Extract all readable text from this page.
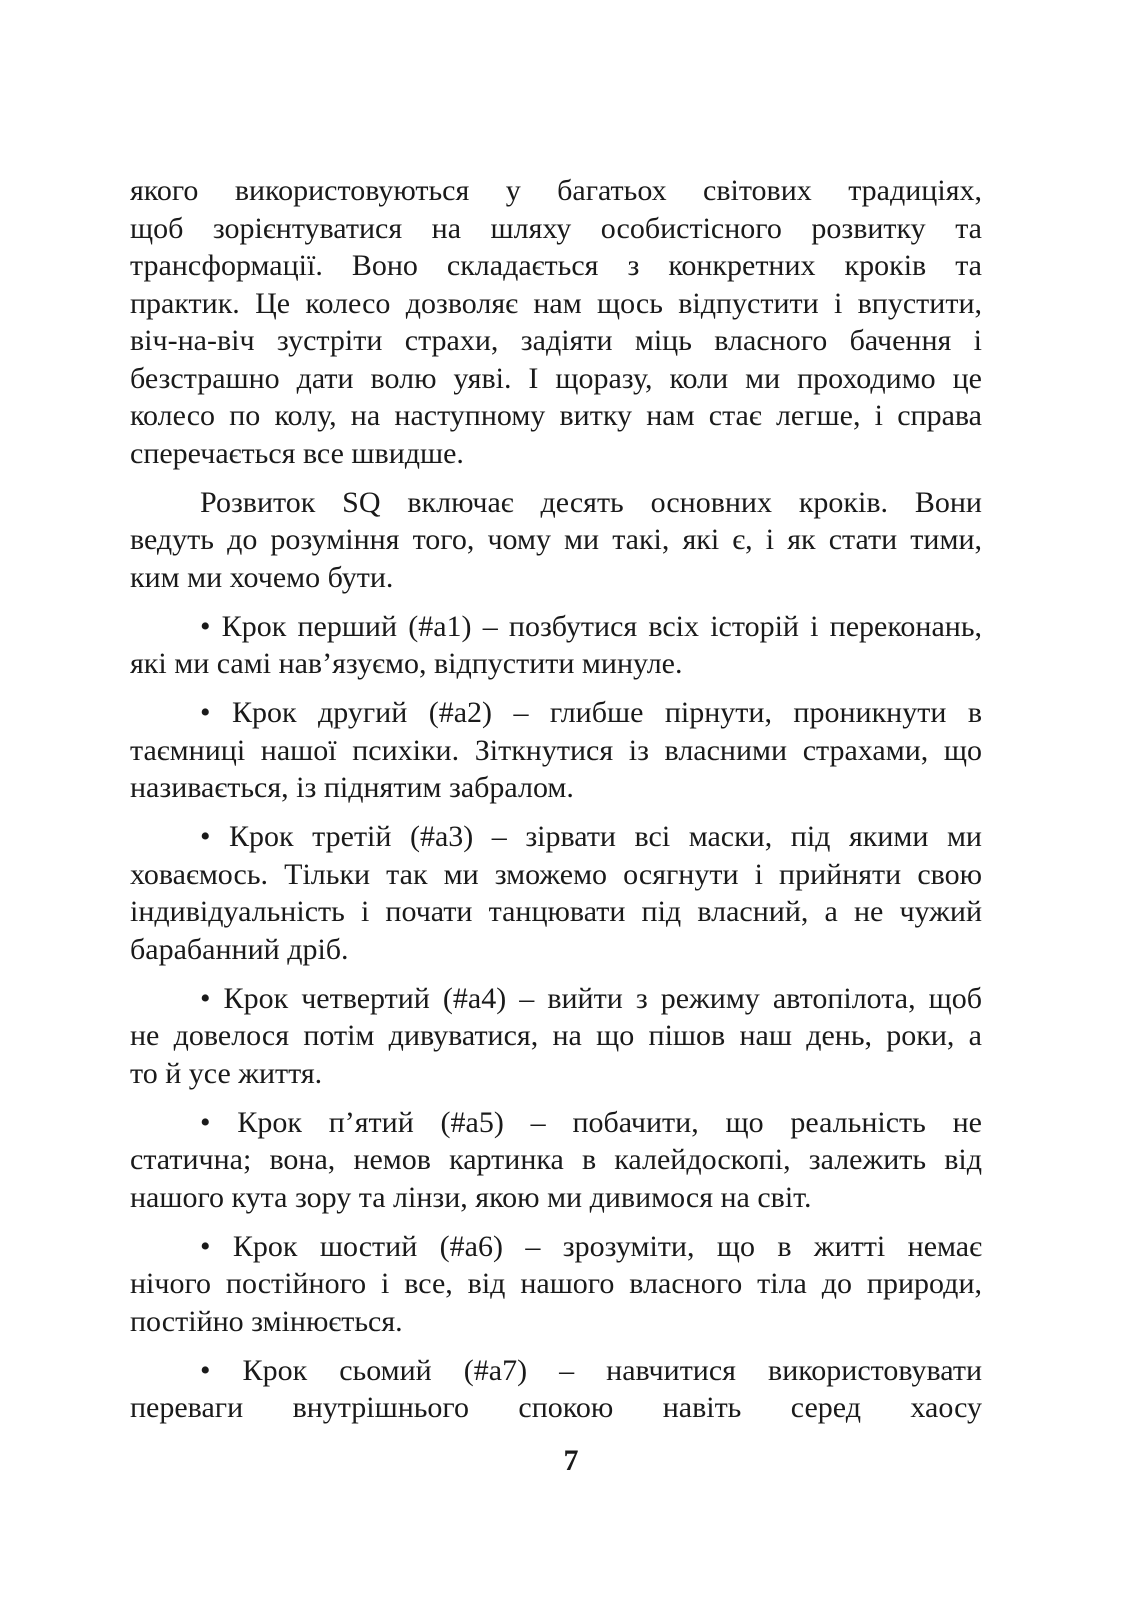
якого використовуються у багатьох світових традиціях,
щоб зорієнтуватися на шляху особистісного розвитку та
трансформації. Воно складається з конкретних кроків та
практик. Це колесо дозволяє нам щось відпустити і впустити,
віч-на-віч зустріти страхи, задіяти міць власного бачення і
безстрашно дати волю уяві. І щоразу, коли ми проходимо це
колесо по колу, на наступному витку нам стає легше, і справа
сперечається все швидше.
Розвиток SQ включає десять основних кроків. Вони
ведуть до розуміння того, чому ми такі, які є, і як стати тими,
ким ми хочемо бути.
• Крок перший (#a1) – позбутися всіх історій і переконань,
які ми самі нав’язуємо, відпустити минуле.
• Крок другий (#a2) – глибше пірнути, проникнути в
таємниці нашої психіки. Зіткнутися із власними страхами, що
називається, із піднятим забралом.
• Крок третій (#a3) – зірвати всі маски, під якими ми
ховаємось. Тільки так ми зможемо осягнути і прийняти свою
індивідуальність і почати танцювати під власний, а не чужий
барабанний дріб.
• Крок четвертий (#a4) – вийти з режиму автопілота, щоб
не довелося потім дивуватися, на що пішов наш день, роки, а
то й усе життя.
• Крок п’ятий (#a5) – побачити, що реальність не
статична; вона, немов картинка в калейдоскопі, залежить від
нашого кута зору та лінзи, якою ми дивимося на світ.
• Крок шостий (#a6) – зрозуміти, що в житті немає
нічого постійного і все, від нашого власного тіла до природи,
постійно змінюється.
• Крок сьомий (#a7) – навчитися використовувати
переваги внутрішнього спокою навіть серед хаосу
7
